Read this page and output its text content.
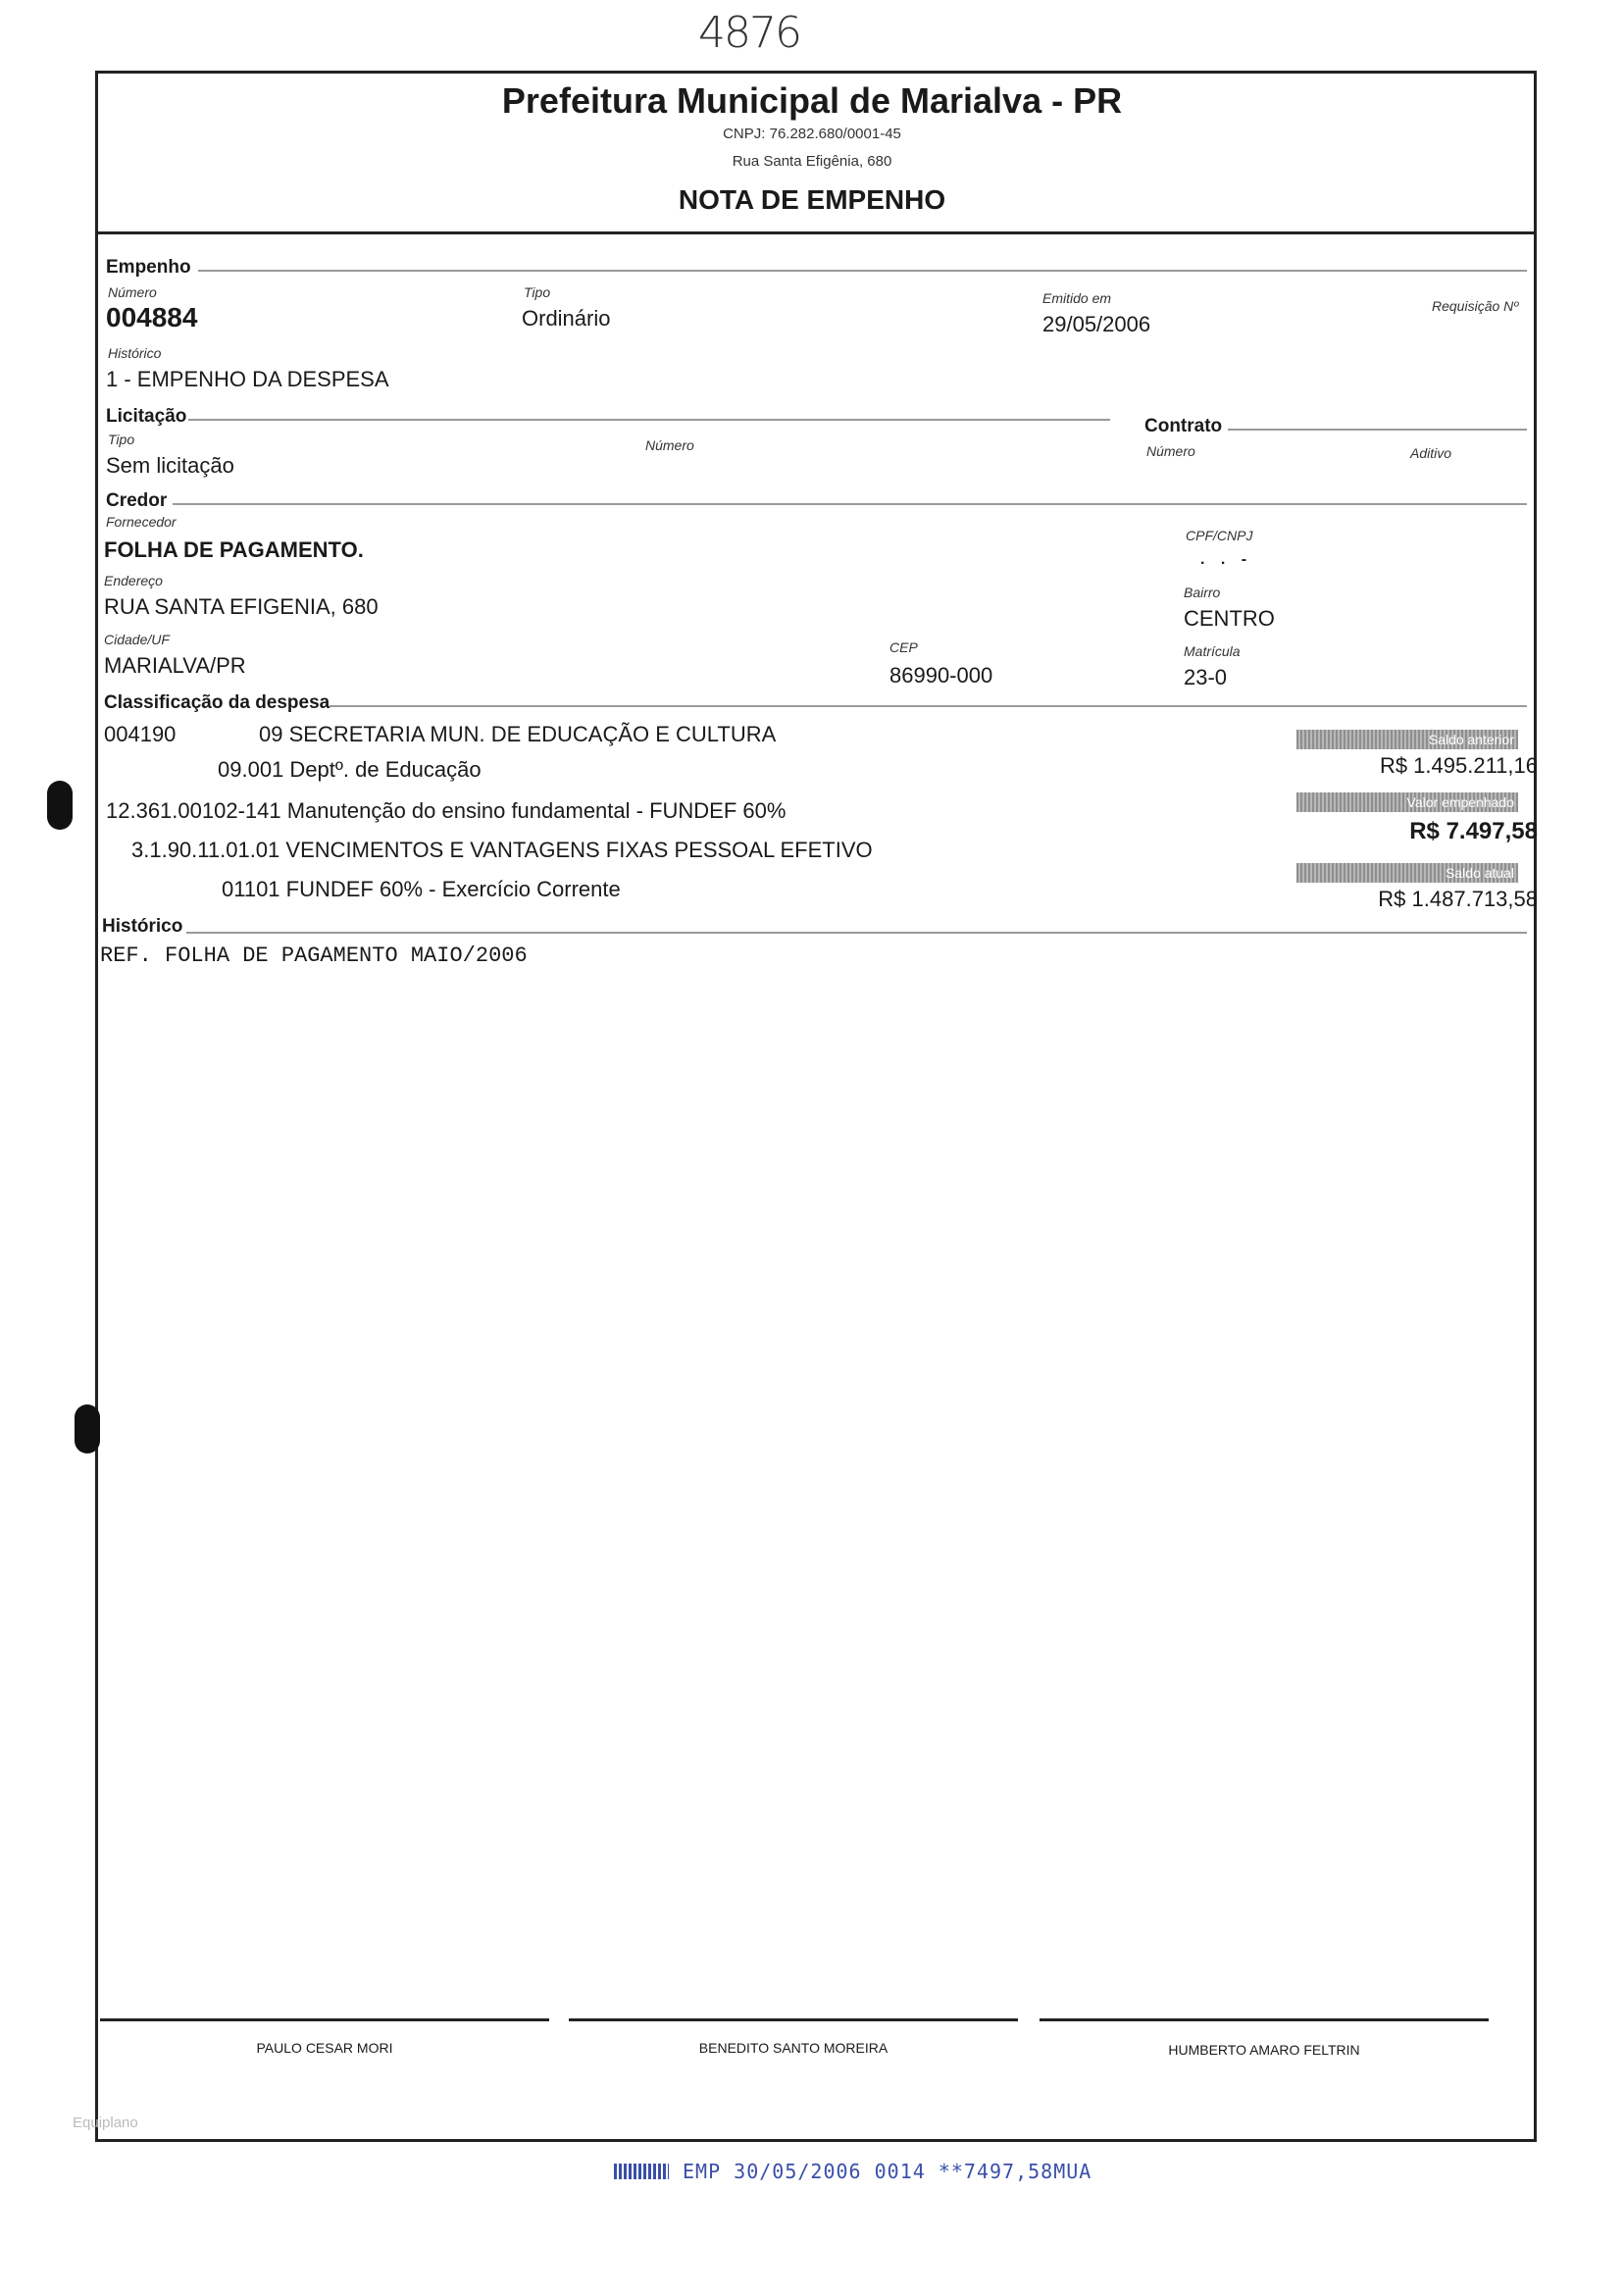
4876
Prefeitura Municipal de Marialva - PR
CNPJ: 76.282.680/0001-45
Rua Santa Efigênia, 680
NOTA DE EMPENHO
Empenho
Número
004884
Tipo
Ordinário
Emitido em
29/05/2006
Requisição Nº
Histórico
1 - EMPENHO DA DESPESA
Licitação
Tipo
Sem licitação
Número
Contrato
Número	Aditivo
Credor
Fornecedor
FOLHA DE PAGAMENTO.
CPF/CNPJ
. . -
Endereço
RUA SANTA EFIGENIA, 680
Bairro
CENTRO
Cidade/UF
MARIALVA/PR
CEP
86990-000
Matrícula
23-0
Classificação da despesa
004190	09 SECRETARIA MUN. DE EDUCAÇÃO E CULTURA
09.001 Deptº. de Educação
12.361.00102-141 Manutenção do ensino fundamental - FUNDEF 60%
3.1.90.11.01.01 VENCIMENTOS E VANTAGENS FIXAS PESSOAL EFETIVO
01101 FUNDEF 60% - Exercício Corrente
Saldo anterior
R$ 1.495.211,16
Valor empenhado
R$ 7.497,58
Saldo atual
R$ 1.487.713,58
Histórico
REF. FOLHA DE PAGAMENTO MAIO/2006
PAULO CESAR MORI	BENEDITO SANTO MOREIRA	HUMBERTO AMARO FELTRIN
Equiplano
EMP 30/05/2006 0014 **7497,58MUA
